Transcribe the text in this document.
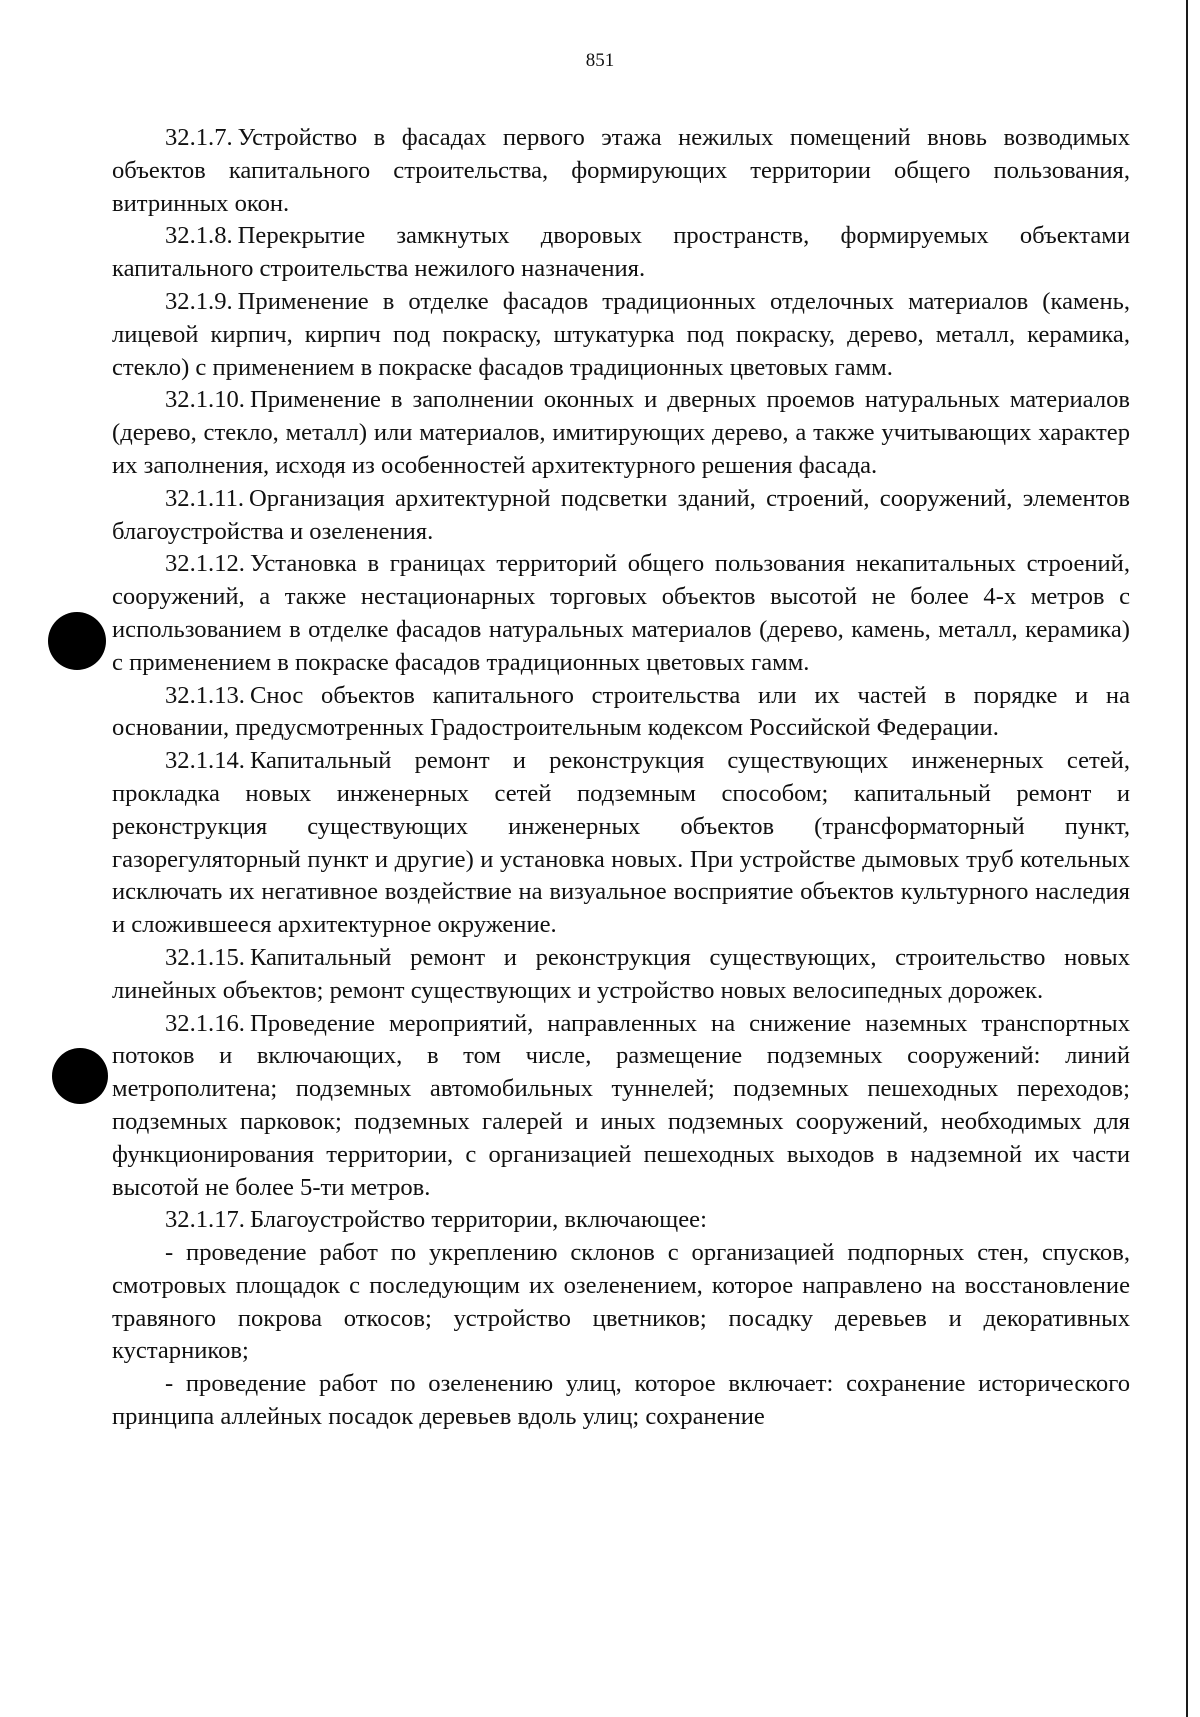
851

32.1.7. Устройство в фасадах первого этажа нежилых помещений вновь возводимых объектов капитального строительства, формирующих территории общего пользования, витринных окон.

32.1.8. Перекрытие замкнутых дворовых пространств, формируемых объектами капитального строительства нежилого назначения.

32.1.9. Применение в отделке фасадов традиционных отделочных материалов (камень, лицевой кирпич, кирпич под покраску, штукатурка под покраску, дерево, металл, керамика, стекло) с применением в покраске фасадов традиционных цветовых гамм.

32.1.10. Применение в заполнении оконных и дверных проемов натуральных материалов (дерево, стекло, металл) или материалов, имитирующих дерево, а также учитывающих характер их заполнения, исходя из особенностей архитектурного решения фасада.

32.1.11. Организация архитектурной подсветки зданий, строений, сооружений, элементов благоустройства и озеленения.

32.1.12. Установка в границах территорий общего пользования некапитальных строений, сооружений, а также нестационарных торговых объектов высотой не более 4-х метров с использованием в отделке фасадов натуральных материалов (дерево, камень, металл, керамика) с применением в покраске фасадов традиционных цветовых гамм.

32.1.13. Снос объектов капитального строительства или их частей в порядке и на основании, предусмотренных Градостроительным кодексом Российской Федерации.

32.1.14. Капитальный ремонт и реконструкция существующих инженерных сетей, прокладка новых инженерных сетей подземным способом; капитальный ремонт и реконструкция существующих инженерных объектов (трансформаторный пункт, газорегуляторный пункт и другие) и установка новых. При устройстве дымовых труб котельных исключать их негативное воздействие на визуальное восприятие объектов культурного наследия и сложившееся архитектурное окружение.

32.1.15. Капитальный ремонт и реконструкция существующих, строительство новых линейных объектов; ремонт существующих и устройство новых велосипедных дорожек.

32.1.16. Проведение мероприятий, направленных на снижение наземных транспортных потоков и включающих, в том числе, размещение подземных сооружений: линий метрополитена; подземных автомобильных туннелей; подземных пешеходных переходов; подземных парковок; подземных галерей и иных подземных сооружений, необходимых для функционирования территории, с организацией пешеходных выходов в надземной их части высотой не более 5-ти метров.

32.1.17. Благоустройство территории, включающее:

- проведение работ по укреплению склонов с организацией подпорных стен, спусков, смотровых площадок с последующим их озеленением, которое направлено на восстановление травяного покрова откосов; устройство цветников; посадку деревьев и декоративных кустарников;

- проведение работ по озеленению улиц, которое включает: сохранение исторического принципа аллейных посадок деревьев вдоль улиц; сохранение
